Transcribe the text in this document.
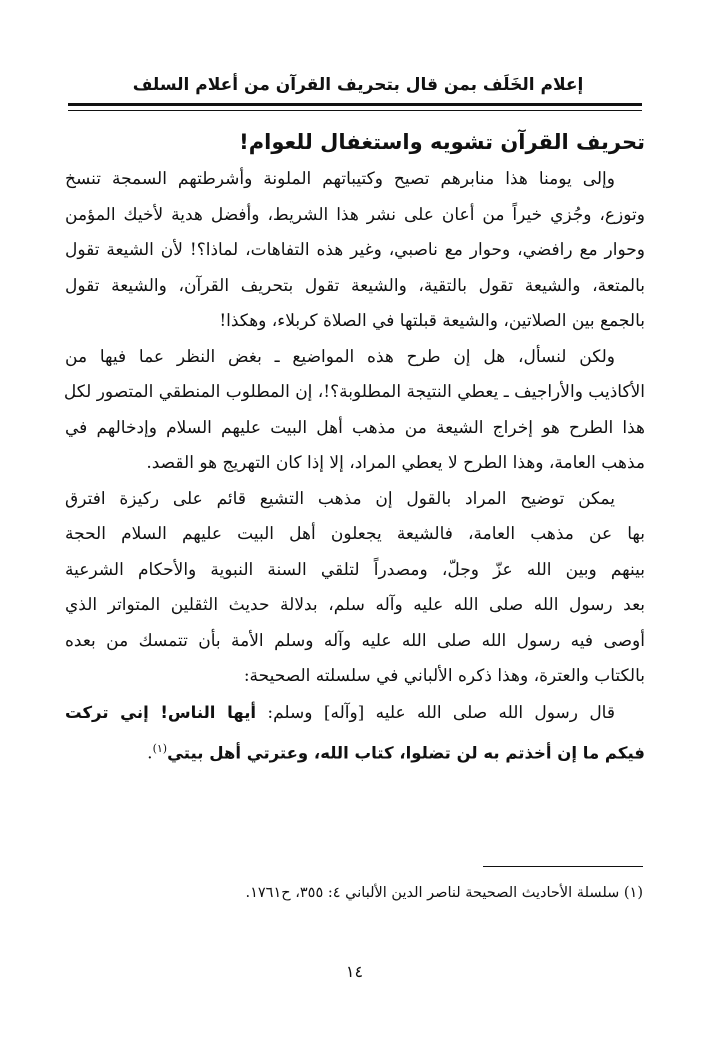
إعلام الخَلَف بمن قال بتحريف القرآن من أعلام السلف
تحريف القرآن تشويه واستغفال للعوام!
وإلى يومنا هذا منابرهم تصيح وكتيباتهم الملونة وأشرطتهم السمجة تنسخ
وتوزع، وجُزي خيراً من أعان على نشر هذا الشريط، وأفضل هدية لأخيك المؤمن
وحوار مع رافضي، وحوار مع ناصبي، وغير هذه التفاهات، لماذا؟! لأن الشيعة تقول
بالمتعة، والشيعة تقول بالتقية، والشيعة تقول بتحريف القرآن، والشيعة تقول
بالجمع بين الصلاتين، والشيعة قبلتها في الصلاة كربلاء، وهكذا!
ولكن لنسأل، هل إن طرح هذه المواضيع ـ بغض النظر عما فيها من
الأكاذيب والأراجيف ـ يعطي النتيجة المطلوبة؟!، إن المطلوب المنطقي المتصور لكل
هذا الطرح هو إخراج الشيعة من مذهب أهل البيت عليهم السلام وإدخالهم في
مذهب العامة، وهذا الطرح لا يعطي المراد، إلا إذا كان التهريج هو القصد.
يمكن توضيح المراد بالقول إن مذهب التشيع قائم على ركيزة افترق
بها عن مذهب العامة، فالشيعة يجعلون أهل البيت عليهم السلام الحجة
بينهم وبين الله عزّ وجلّ، ومصدراً لتلقي السنة النبوية والأحكام الشرعية
بعد رسول الله صلى الله عليه وآله سلم، بدلالة حديث الثقلين المتواتر الذي
أوصى فيه رسول الله صلى الله عليه وآله وسلم الأمة بأن تتمسك من بعده
بالكتاب والعترة، وهذا ذكره الألباني في سلسلته الصحيحة:
قال رسول الله صلى الله عليه [وآله] وسلم: أيها الناس! إني تركت
فيكم ما إن أخذتم به لن تضلوا، كتاب الله، وعترتي أهل بيتي$^{(١)}$.
(١) سلسلة الأحاديث الصحيحة لناصر الدين الألباني ٤: ٣٥٥، ح١٧٦١.
١٤
